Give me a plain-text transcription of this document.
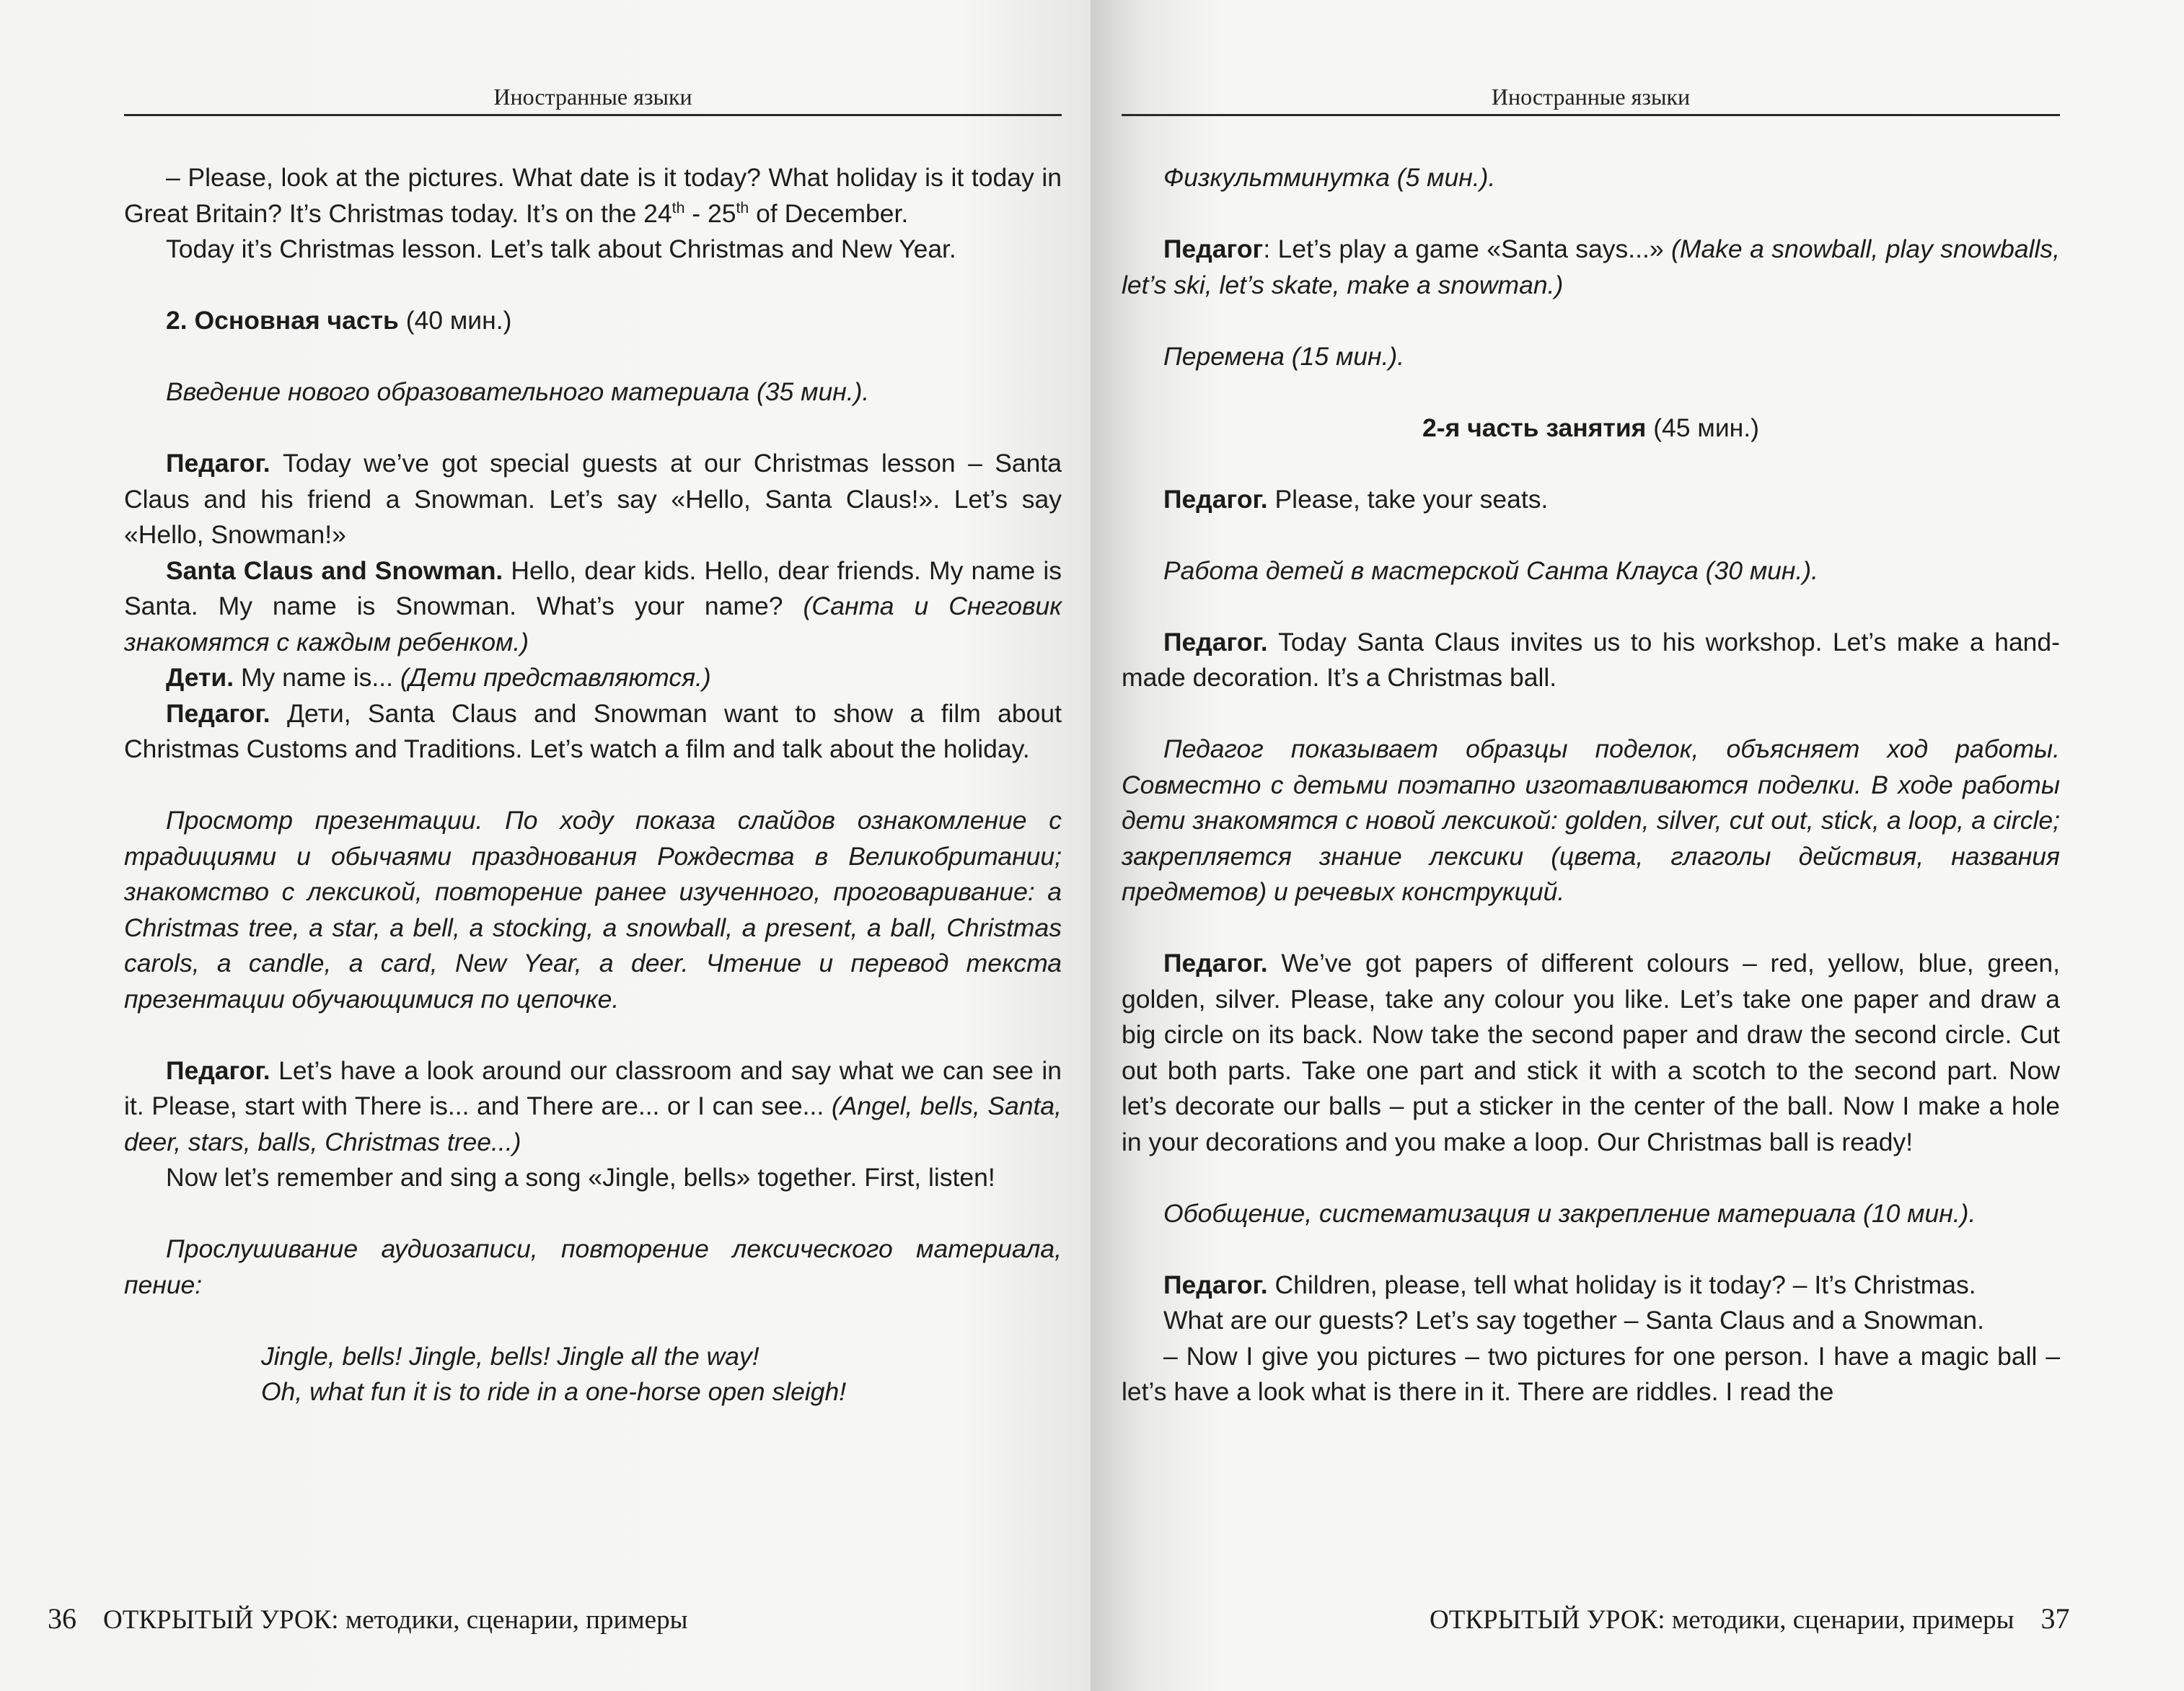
Иностранные языки

– Please, look at the pictures. What date is it today? What holiday is it today in Great Britain? It’s Christmas today. It’s on the 24th - 25th of December.

Today it’s Christmas lesson. Let’s talk about Christmas and New Year.

2. Основная часть (40 мин.)

Введение нового образовательного материала (35 мин.).

Педагог. Today we’ve got special guests at our Christmas lesson – Santa Claus and his friend a Snowman. Let’s say «Hello, Santa Claus!». Let’s say «Hello, Snowman!»

Santa Claus and Snowman. Hello, dear kids. Hello, dear friends. My name is Santa. My name is Snowman. What’s your name? (Санта и Снеговик знакомятся с каждым ребенком.)

Дети. My name is... (Дети представляются.)

Педагог. Дети, Santa Claus and Snowman want to show a film about Christmas Customs and Traditions. Let’s watch a film and talk about the holiday.

Просмотр презентации. По ходу показа слайдов ознакомление с традициями и обычаями празднования Рождества в Великобритании; знакомство с лексикой, повторение ранее изученного, проговаривание: a Christmas tree, a star, a bell, a stocking, a snowball, a present, a ball, Christmas carols, a candle, a card, New Year, a deer. Чтение и перевод текста презентации обучающимися по цепочке.

Педагог. Let’s have a look around our classroom and say what we can see in it. Please, start with There is... and There are... or I can see... (Angel, bells, Santa, deer, stars, balls, Christmas tree...)

Now let’s remember and sing a song «Jingle, bells» together. First, listen!

Прослушивание аудиозаписи, повторение лексического материала, пение:

Jingle, bells! Jingle, bells! Jingle all the way!

Oh, what fun it is to ride in a one-horse open sleigh!

36 ОТКРЫТЫЙ УРОК: методики, сценарии, примеры
Иностранные языки

Физкультминутка (5 мин.).

Педагог: Let’s play a game «Santa says...» (Make a snowball, play snowballs, let’s ski, let’s skate, make a snowman.)

Перемена (15 мин.).

2-я часть занятия (45 мин.)

Педагог. Please, take your seats.

Работа детей в мастерской Санта Клауса (30 мин.).

Педагог. Today Santa Claus invites us to his workshop. Let’s make a hand-made decoration. It’s a Christmas ball.

Педагог показывает образцы поделок, объясняет ход работы. Совместно с детьми поэтапно изготавливаются поделки. В ходе работы дети знакомятся с новой лексикой: golden, silver, cut out, stick, a loop, a circle; закрепляется знание лексики (цвета, глаголы действия, названия предметов) и речевых конструкций.

Педагог. We’ve got papers of different colours – red, yellow, blue, green, golden, silver. Please, take any colour you like. Let’s take one paper and draw a big circle on its back. Now take the second paper and draw the second circle. Cut out both parts. Take one part and stick it with a scotch to the second part. Now let’s decorate our balls – put a sticker in the center of the ball. Now I make a hole in your decorations and you make a loop. Our Christmas ball is ready!

Обобщение, систематизация и закрепление материала (10 мин.).

Педагог. Children, please, tell what holiday is it today? – It’s Christmas.

What are our guests? Let’s say together – Santa Claus and a Snowman.

– Now I give you pictures – two pictures for one person. I have a magic ball – let’s have a look what is there in it. There are riddles. I read the

ОТКРЫТЫЙ УРОК: методики, сценарии, примеры 37
